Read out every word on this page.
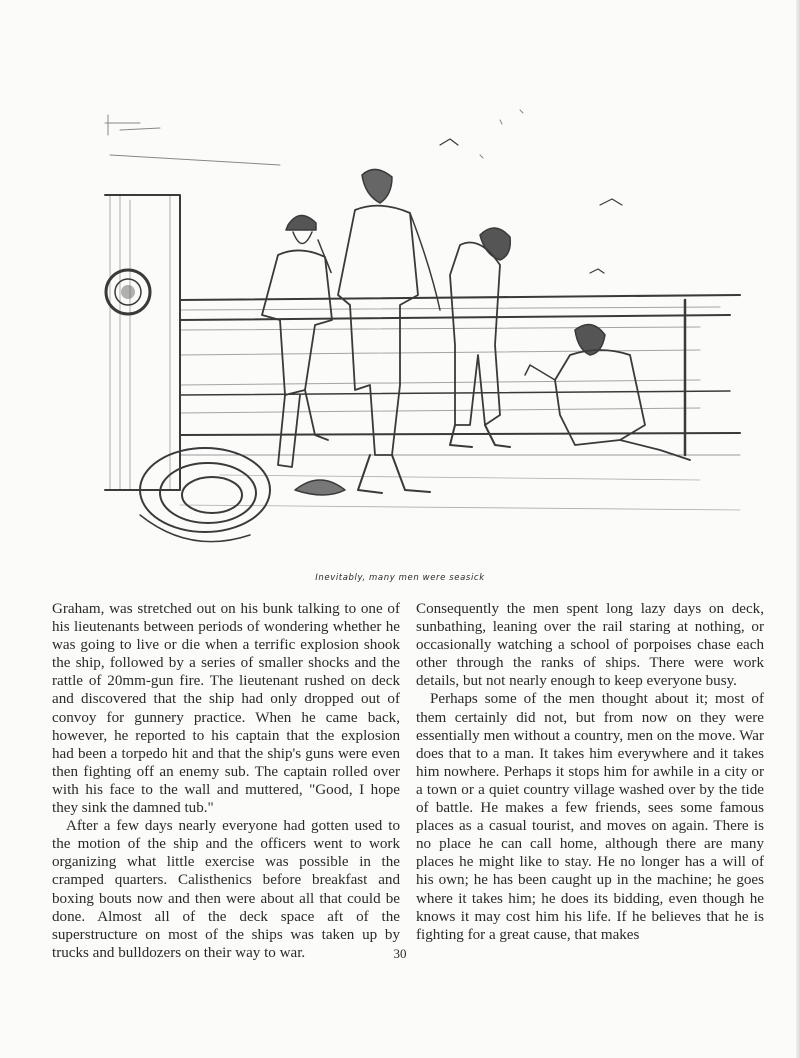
Inevitably, many men were seasick

Graham, was stretched out on his bunk talking to one of his lieutenants between periods of wondering whether he was going to live or die when a terrific explosion shook the ship, followed by a series of smaller shocks and the rattle of 20mm-gun fire. The lieutenant rushed on deck and discovered that the ship had only dropped out of convoy for gunnery practice. When he came back, however, he reported to his captain that the explosion had been a torpedo hit and that the ship's guns were even then fighting off an enemy sub. The captain rolled over with his face to the wall and muttered, "Good, I hope they sink the damned tub."

After a few days nearly everyone had gotten used to the motion of the ship and the officers went to work organizing what little exercise was possible in the cramped quarters. Calisthenics before breakfast and boxing bouts now and then were about all that could be done. Almost all of the deck space aft of the superstructure on most of the ships was taken up by trucks and bulldozers on their way to war.

Consequently the men spent long lazy days on deck, sunbathing, leaning over the rail staring at nothing, or occasionally watching a school of porpoises chase each other through the ranks of ships. There were work details, but not nearly enough to keep everyone busy.

Perhaps some of the men thought about it; most of them certainly did not, but from now on they were essentially men without a country, men on the move. War does that to a man. It takes him everywhere and it takes him nowhere. Perhaps it stops him for awhile in a city or a town or a quiet country village washed over by the tide of battle. He makes a few friends, sees some famous places as a casual tourist, and moves on again. There is no place he can call home, although there are many places he might like to stay. He no longer has a will of his own; he has been caught up in the machine; he goes where it takes him; he does its bidding, even though he knows it may cost him his life. If he believes that he is fighting for a great cause, that makes

30
